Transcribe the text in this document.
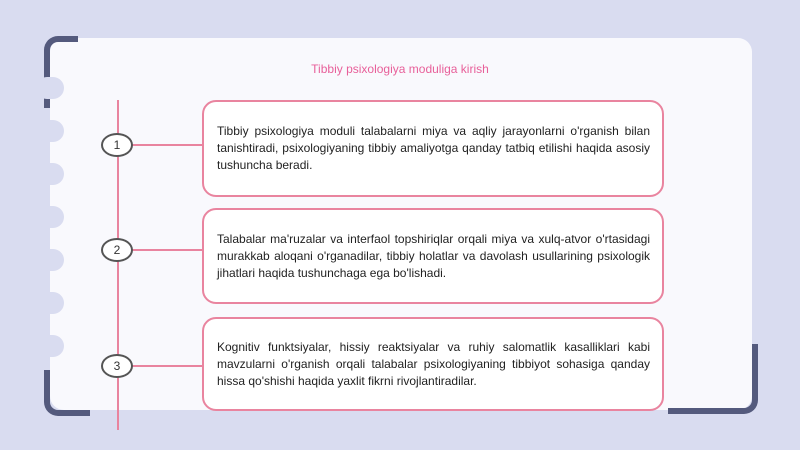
Tibbiy psixologiya moduliga kirish
1
2
3

Tibbiy psixologiya moduli talabalarni miya va aqliy jarayonlarni o'rganish bilan tanishtiradi, psixologiyaning tibbiy amaliyotga qanday tatbiq etilishi haqida asosiy tushuncha beradi.

Talabalar ma'ruzalar va interfaol topshiriqlar orqali miya va xulq-atvor o'rtasidagi murakkab aloqani o'rganadilar, tibbiy holatlar va davolash usullarining psixologik jihatlari haqida tushunchaga ega bo'lishadi.

Kognitiv funktsiyalar, hissiy reaktsiyalar va ruhiy salomatlik kasalliklari kabi mavzularni o'rganish orqali talabalar psixologiyaning tibbiyot sohasiga qanday hissa qo'shishi haqida yaxlit fikrni rivojlantiradilar.
